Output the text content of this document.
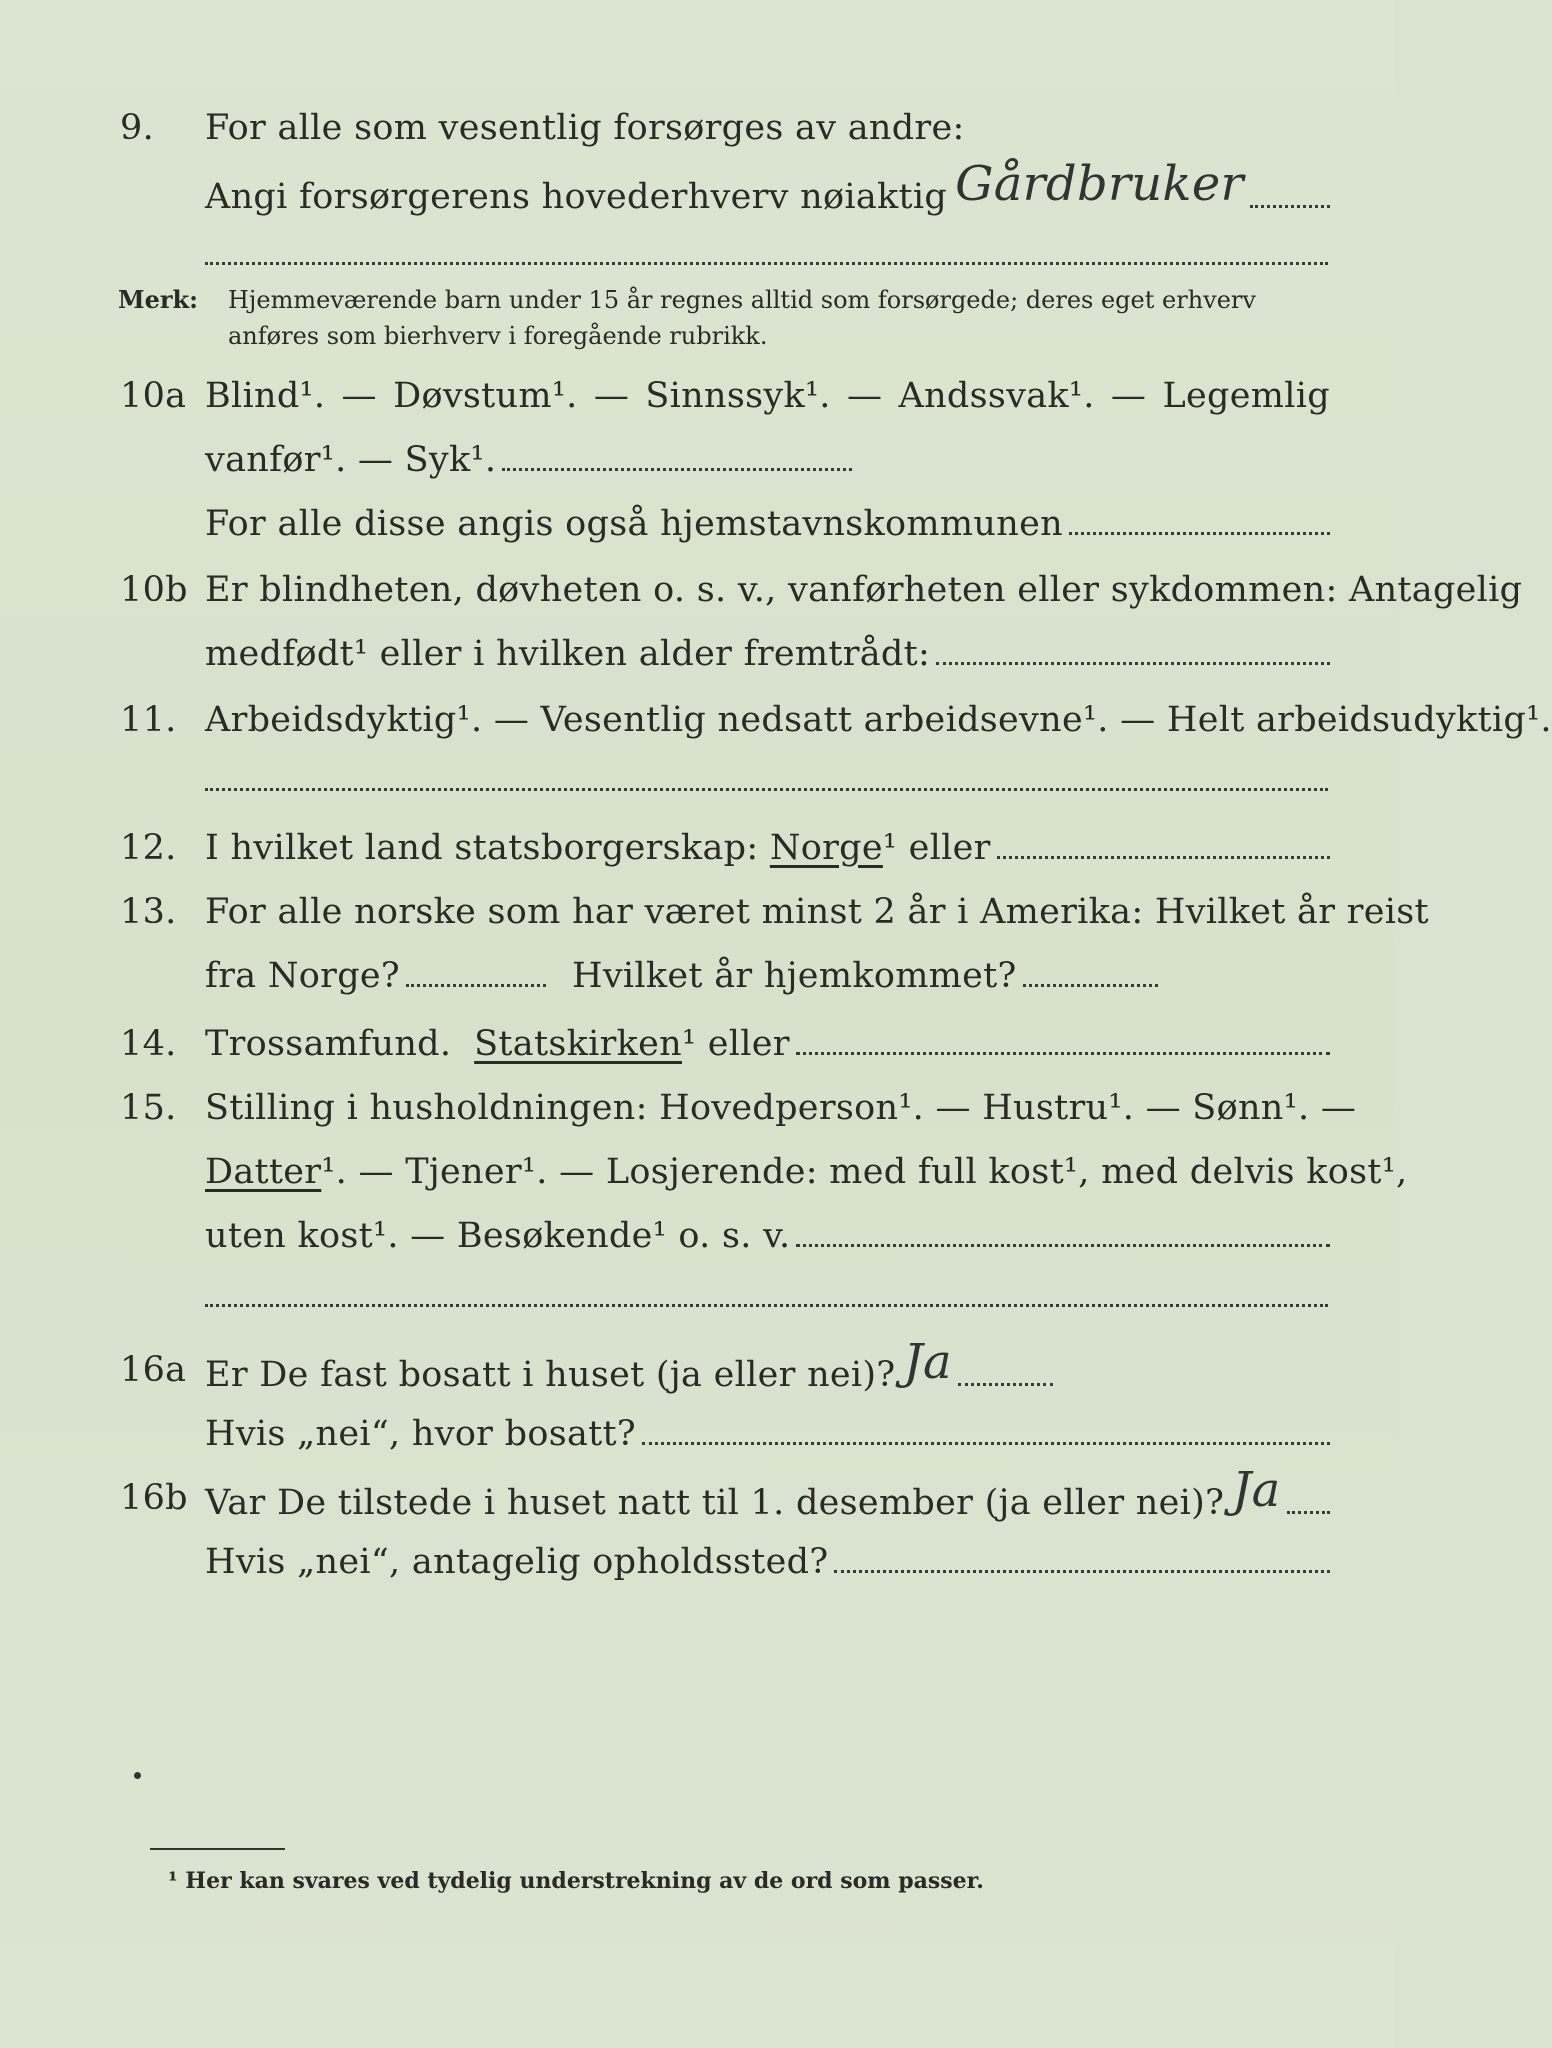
9.	For alle som vesentlig forsørges av andre:
Angi forsørgerens hovederhverv nøiaktig Gårdbruker
Merk: Hjemmeværende barn under 15 år regnes alltid som forsørgede; deres eget erhverv anføres som bierhverv i foregående rubrikk.
10a Blind¹. — Døvstum¹. — Sinnssyk¹. — Andssvak¹. — Legemlig
vanfør¹. — Syk¹.
For alle disse angis også hjemstavnskommunen
10b Er blindheten, døvheten o. s. v., vanførheten eller sykdommen: Antagelig
medfødt¹ eller i hvilken alder fremtrådt:
11. Arbeidsdyktig¹. — Vesentlig nedsatt arbeidsevne¹. — Helt arbeidsudyktig¹.
12. I hvilket land statsborgerskap:
Norge ¹ eller
13. For alle norske som har været minst 2 år i Amerika: Hvilket år reist
fra Norge?	Hvilket år hjemkommet?
14. Trossamfund.
Statskirken ¹ eller
15. Stilling i husholdningen: Hovedperson¹. — Hustru¹. — Sønn¹. —
Datter ¹. — Tjener¹. — Losjerende: med full kost¹, med delvis kost¹,
uten kost¹. — Besøkende¹ o. s. v.
16a Er De fast bosatt i huset (ja eller nei)? Ja
Hvis „nei“, hvor bosatt?
16b Var De tilstede i huset natt til 1. desember (ja eller nei)? Ja
Hvis „nei“, antagelig opholdssted?
¹ Her kan svares ved tydelig understrekning av de ord som passer.
